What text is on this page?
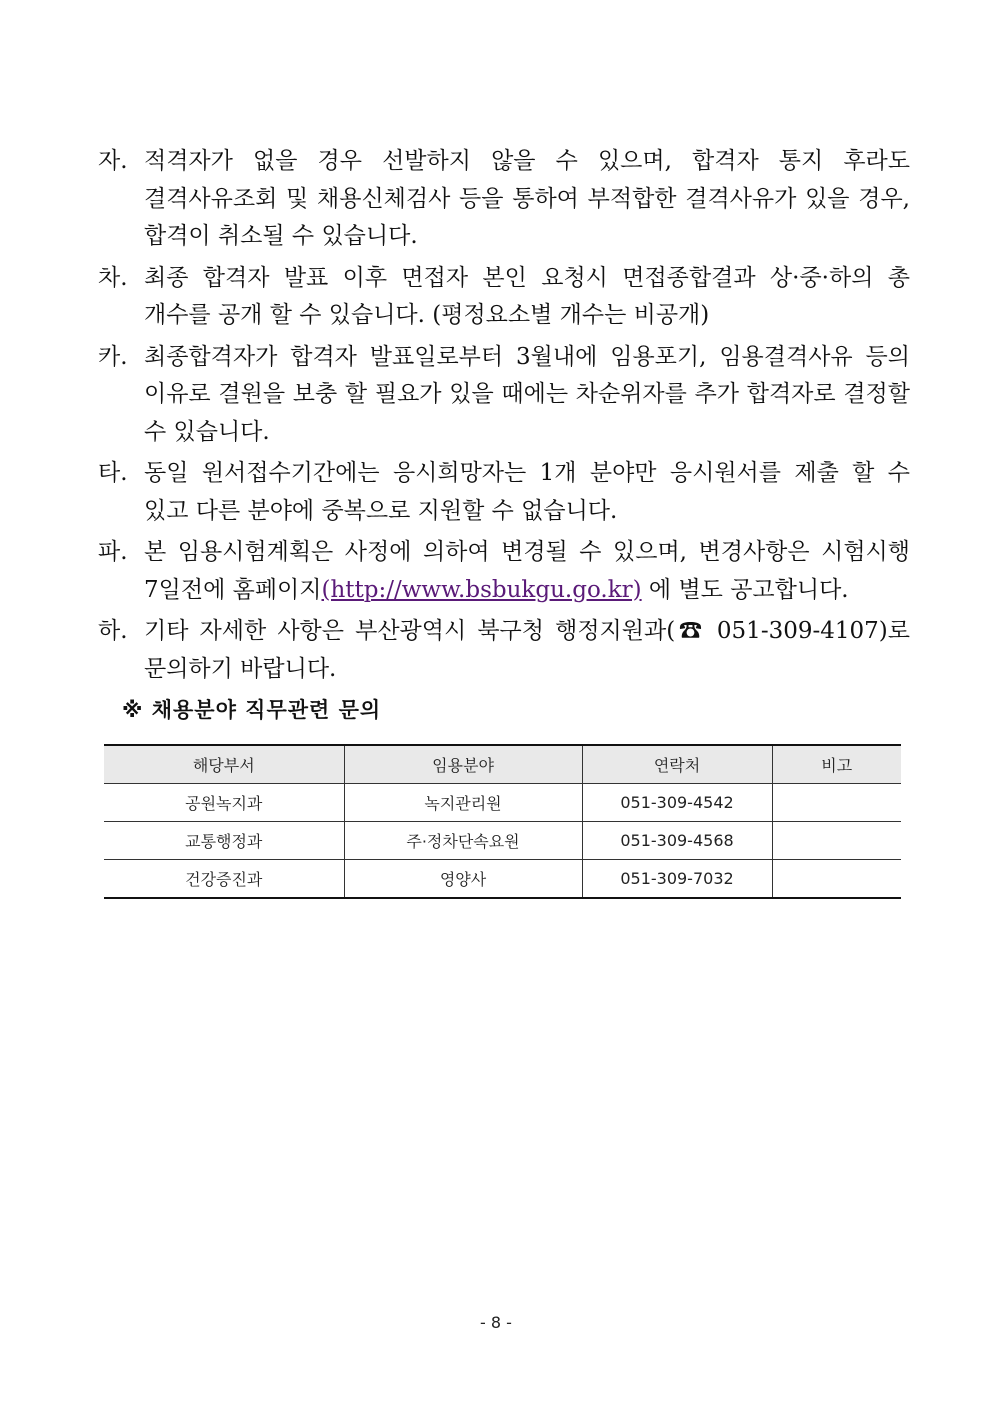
자. 적격자가 없을 경우 선발하지 않을 수 있으며, 합격자 통지 후라도 결격사유조회 및 채용신체검사 등을 통하여 부적합한 결격사유가 있을 경우, 합격이 취소될 수 있습니다.
차. 최종 합격자 발표 이후 면접자 본인 요청시 면접종합결과 상·중·하의 총 개수를 공개 할 수 있습니다. (평정요소별 개수는 비공개)
카. 최종합격자가 합격자 발표일로부터 3월내에 임용포기, 임용결격사유 등의 이유로 결원을 보충 할 필요가 있을 때에는 차순위자를 추가 합격자로 결정할 수 있습니다.
타. 동일 원서접수기간에는 응시희망자는 1개 분야만 응시원서를 제출 할 수 있고 다른 분야에 중복으로 지원할 수 없습니다.
파. 본 임용시험계획은 사정에 의하여 변경될 수 있으며, 변경사항은 시험시행 7일전에 홈페이지(http://www.bsbukgu.go.kr) 에 별도 공고합니다.
하. 기타 자세한 사항은 부산광역시 북구청 행정지원과(☎ 051-309-4107)로 문의하기 바랍니다.

※ 채용분야 직무관련 문의

해당부서	임용분야	연락처	비고
공원녹지과	녹지관리원	051-309-4542	
교통행정과	주·정차단속요원	051-309-4568	
건강증진과	영양사	051-309-7032	
- 8 -
